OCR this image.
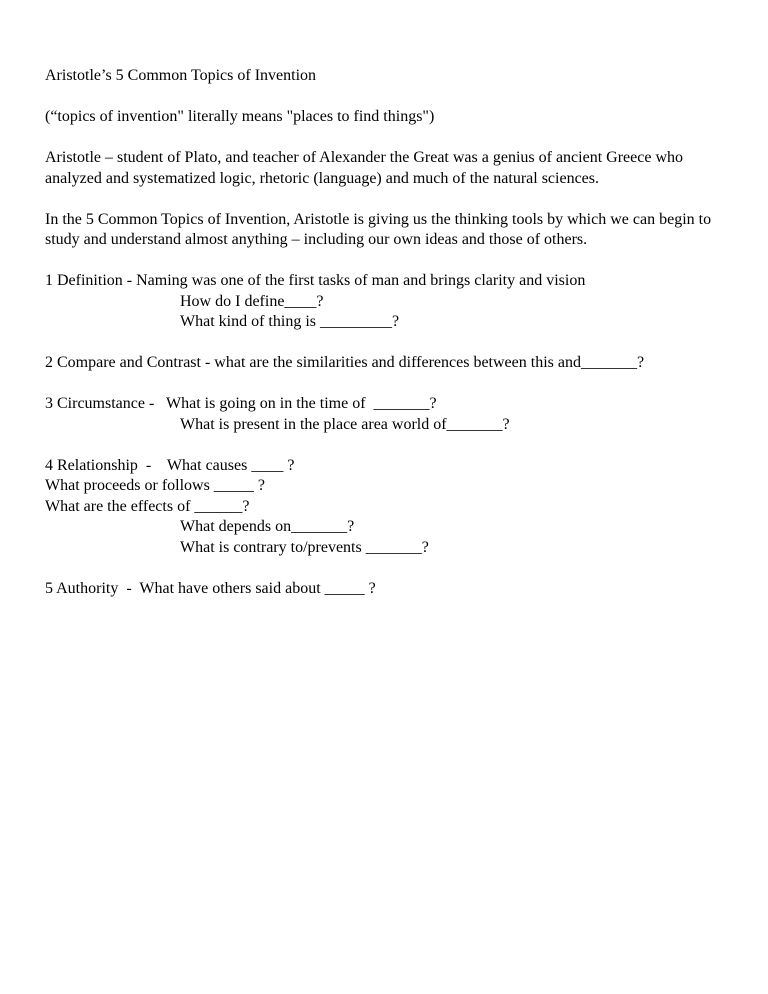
Aristotle’s 5 Common Topics of Invention

(“topics of invention" literally means "places to find things")

Aristotle – student of Plato, and teacher of Alexander the Great was a genius of ancient Greece who analyzed and systematized logic, rhetoric (language) and much of the natural sciences.

In the 5 Common Topics of Invention, Aristotle is giving us the thinking tools by which we can begin to study and understand almost anything – including our own ideas and those of others.

1 Definition - Naming was one of the first tasks of man and brings clarity and vision

How do I define____?

What kind of thing is _________?

2 Compare and Contrast - what are the similarities and differences between this and_______?

3 Circumstance -   What is going on in the time of  _______?

What is present in the place area world of_______?

4 Relationship  -    What causes ____ ?

What proceeds or follows _____ ?

What are the effects of ______?

What depends on_______?

What is contrary to/prevents _______?

5 Authority  -  What have others said about _____ ?
